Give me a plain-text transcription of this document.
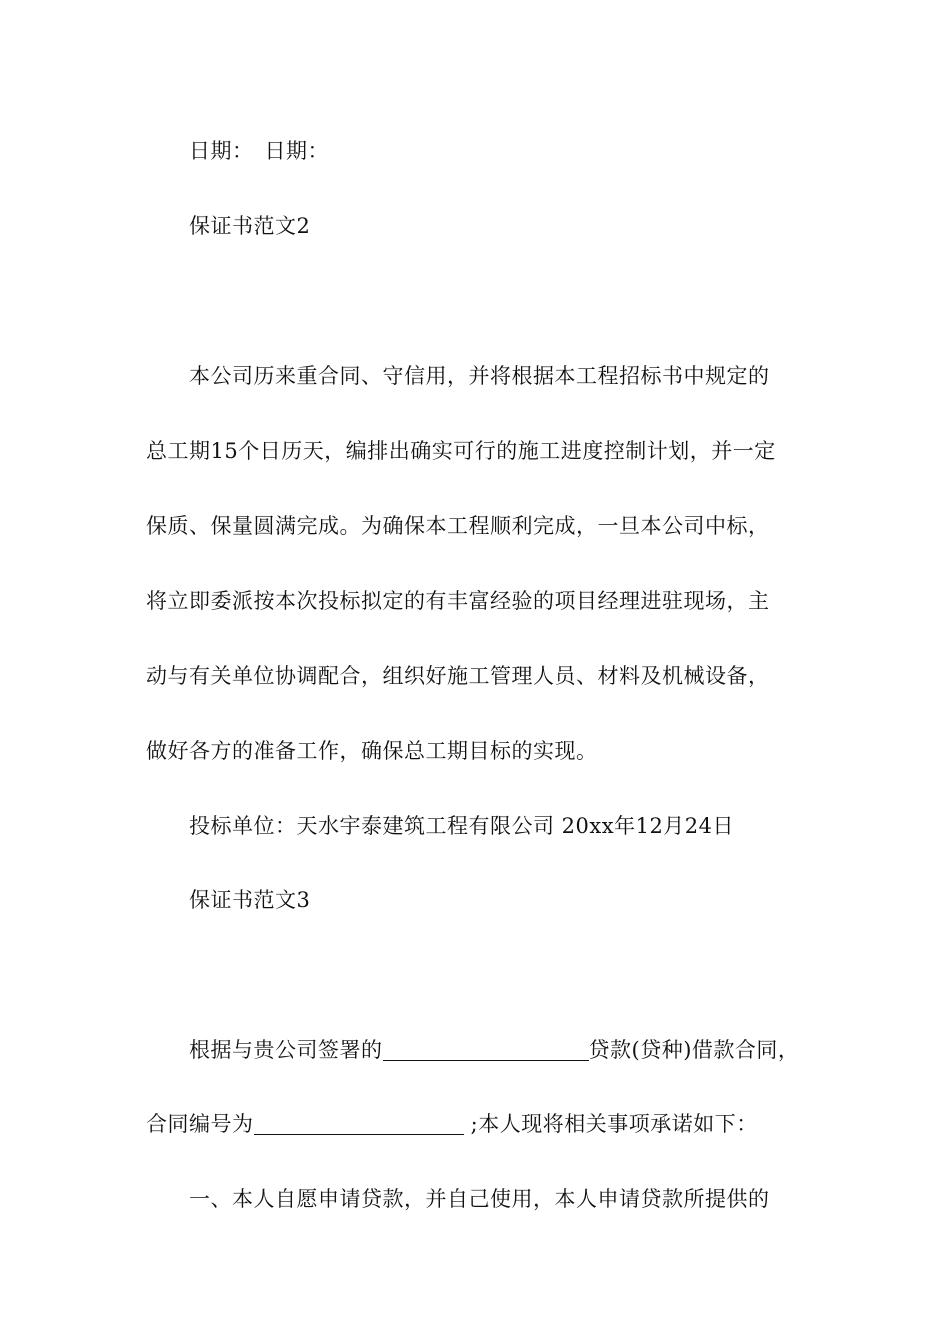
日期：　日期：
保证书范文2
本公司历来重合同、守信用，并将根据本工程招标书中规定的
总工期15个日历天，编排出确实可行的施工进度控制计划，并一定
保质、保量圆满完成。为确保本工程顺利完成，一旦本公司中标，
将立即委派按本次投标拟定的有丰富经验的项目经理进驻现场，主
动与有关单位协调配合，组织好施工管理人员、材料及机械设备，
做好各方的准备工作，确保总工期目标的实现。
投标单位：天水宇泰建筑工程有限公司 20xx年12月24日
保证书范文3
根据与贵公司签署的	贷款(贷种)借款合同，
合同编号为	;本人现将相关事项承诺如下：
一、本人自愿申请贷款，并自己使用，本人申请贷款所提供的
